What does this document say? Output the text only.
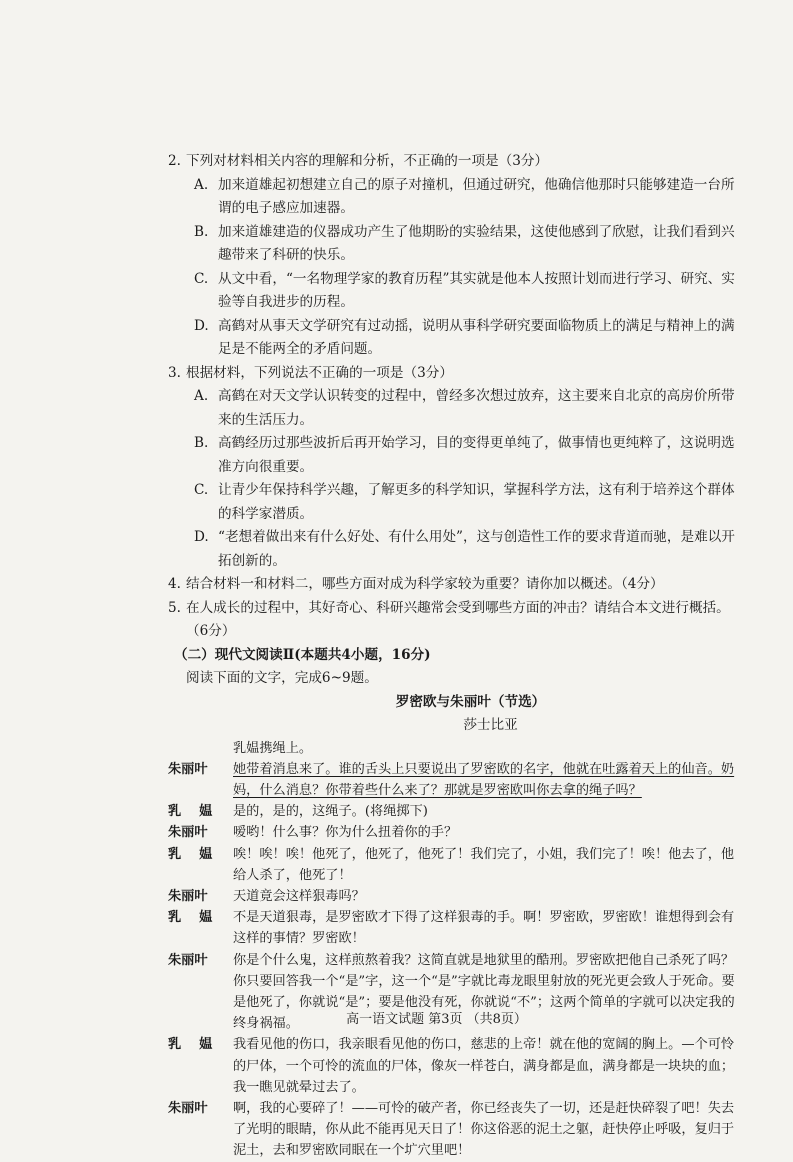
2. 下列对材料相关内容的理解和分析，不正确的一项是（3分）
A. 加来道雄起初想建立自己的原子对撞机，但通过研究，他确信他那时只能够建造一台所谓的电子感应加速器。
B. 加来道雄建造的仪器成功产生了他期盼的实验结果，这使他感到了欣慰，让我们看到兴趣带来了科研的快乐。
C. 从文中看，“一名物理学家的教育历程”其实就是他本人按照计划而进行学习、研究、实验等自我进步的历程。
D. 高鹤对从事天文学研究有过动摇，说明从事科学研究要面临物质上的满足与精神上的满足是不能两全的矛盾问题。
3. 根据材料，下列说法不正确的一项是（3分）
A. 高鹤在对天文学认识转变的过程中，曾经多次想过放弃，这主要来自北京的高房价所带来的生活压力。
B. 高鹤经历过那些波折后再开始学习，目的变得更单纯了，做事情也更纯粹了，这说明选准方向很重要。
C. 让青少年保持科学兴趣，了解更多的科学知识，掌握科学方法，这有利于培养这个群体的科学家潜质。
D. “老想着做出来有什么好处、有什么用处”，这与创造性工作的要求背道而驰，是难以开拓创新的。
4. 结合材料一和材料二，哪些方面对成为科学家较为重要？请你加以概述。（4分）
5. 在人成长的过程中，其好奇心、科研兴趣常会受到哪些方面的冲击？请结合本文进行概括。（6分）
（二）现代文阅读Ⅱ(本题共4小题，16分)
阅读下面的文字，完成6~9题。
罗密欧与朱丽叶（节选）
莎士比亚
乳媪携绳上。
朱丽叶 她带着消息来了。谁的舌头上只要说出了罗密欧的名字，他就在吐露着天上的仙音。奶妈，什么消息？你带着些什么来了？那就是罗密欧叫你去拿的绳子吗？
乳媪 是的，是的，这绳子。(将绳掷下)
朱丽叶 嗳哟！什么事？你为什么扭着你的手？
乳媪 唉！唉！唉！他死了，他死了，他死了！我们完了，小姐，我们完了！唉！他去了，他给人杀了，他死了！
朱丽叶 天道竟会这样狠毒吗？
乳媪 不是天道狠毒，是罗密欧才下得了这样狠毒的手。啊！罗密欧，罗密欧！谁想得到会有这样的事情？罗密欧！
朱丽叶 你是个什么鬼，这样煎熬着我？这简直就是地狱里的酷刑。罗密欧把他自己杀死了吗？你只要回答我一个“是”字，这一个“是”字就比毒龙眼里射放的死光更会致人于死命。要是他死了，你就说“是”；要是他没有死，你就说“不”；这两个简单的字就可以决定我的终身祸福。
乳媪 我看见他的伤口，我亲眼看见他的伤口，慈悲的上帝！就在他的宽阔的胸上。—个可怜的尸体，一个可怜的流血的尸体，像灰一样苍白，满身都是血，满身都是一块块的血；我一瞧见就晕过去了。
朱丽叶 啊，我的心要碎了！——可怜的破产者，你已经丧失了一切，还是赶快碎裂了吧！失去了光明的眼睛，你从此不能再见天日了！你这俗恶的泥土之躯，赶快停止呼吸，复归于泥土，去和罗密欧同眠在一个圹穴里吧！
高一语文试题 第3页 （共8页）
